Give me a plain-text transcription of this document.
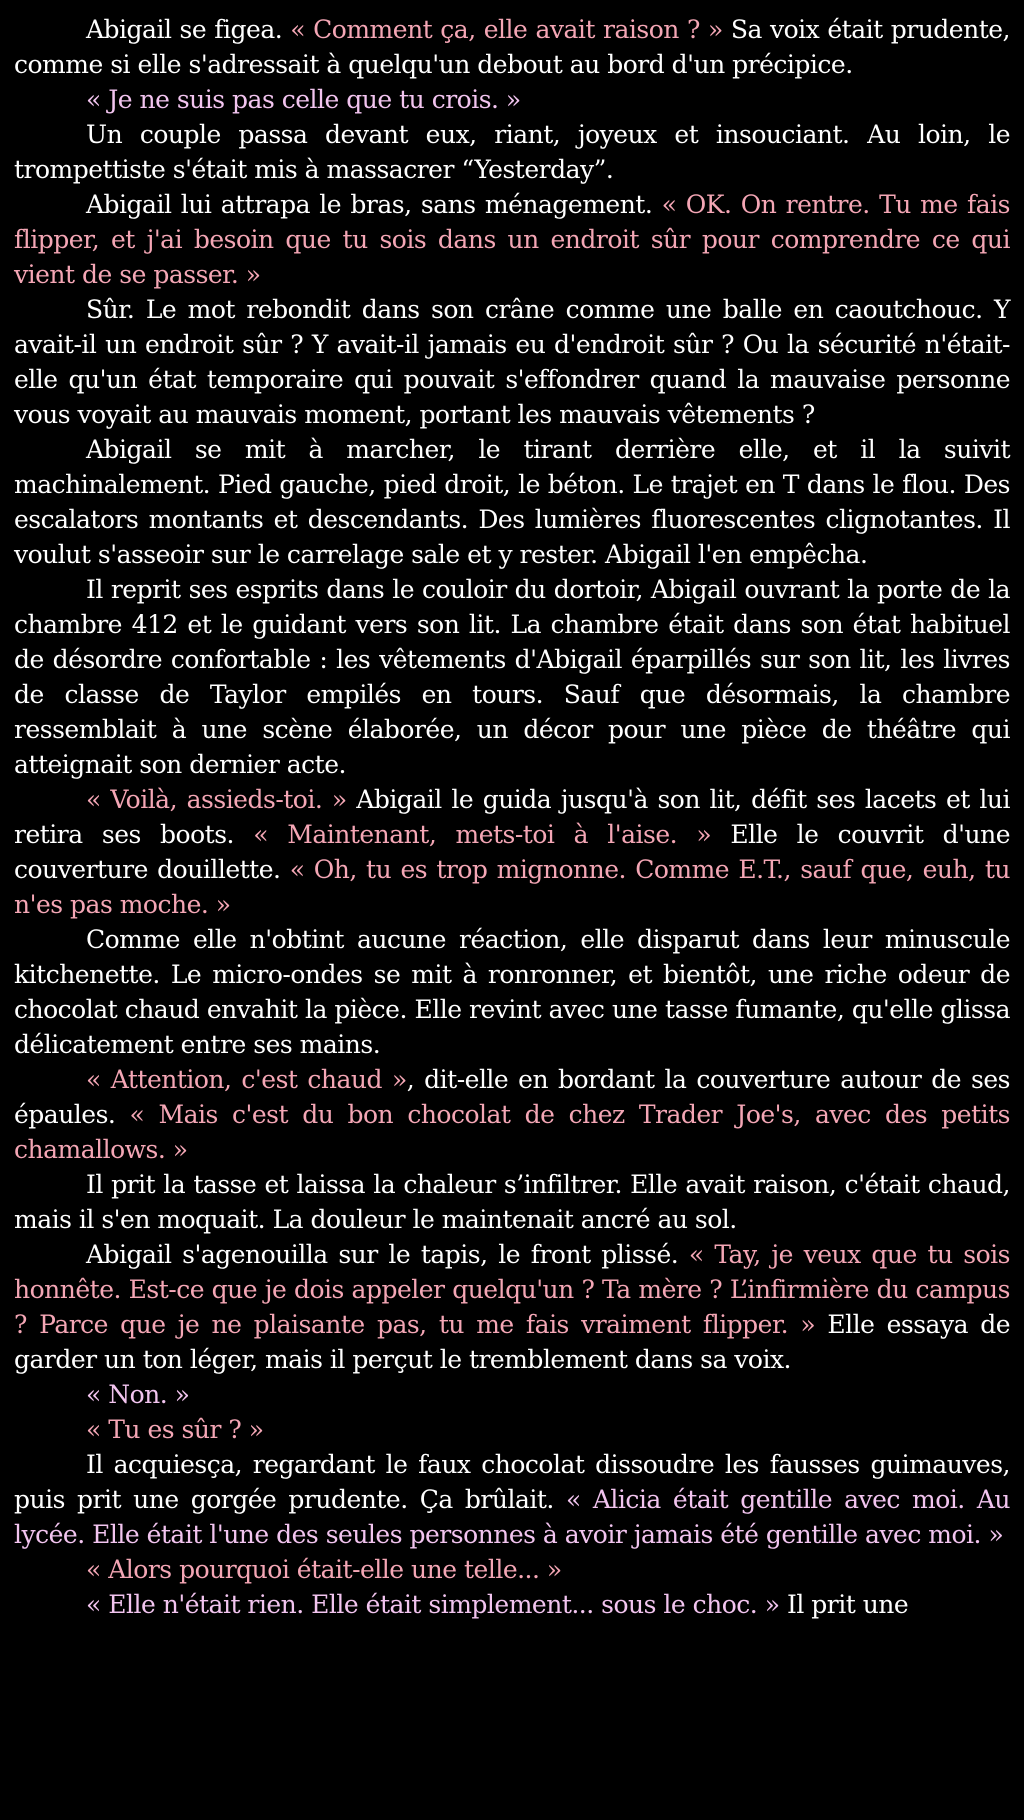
Abigail se figea. « Comment ça, elle avait raison ? » Sa voix était prudente, comme si elle s'adressait à quelqu'un debout au bord d'un précipice.

« Je ne suis pas celle que tu crois. »

Un couple passa devant eux, riant, joyeux et insouciant. Au loin, le trompettiste s'était mis à massacrer “Yesterday”.

Abigail lui attrapa le bras, sans ménagement. « OK. On rentre. Tu me fais flipper, et j'ai besoin que tu sois dans un endroit sûr pour comprendre ce qui vient de se passer. »

Sûr. Le mot rebondit dans son crâne comme une balle en caoutchouc. Y avait-il un endroit sûr ? Y avait-il jamais eu d'endroit sûr ? Ou la sécurité n'était-elle qu'un état temporaire qui pouvait s'effondrer quand la mauvaise personne vous voyait au mauvais moment, portant les mauvais vêtements ?

Abigail se mit à marcher, le tirant derrière elle, et il la suivit machinalement. Pied gauche, pied droit, le béton. Le trajet en T dans le flou. Des escalators montants et descendants. Des lumières fluorescentes clignotantes. Il voulut s'asseoir sur le carrelage sale et y rester. Abigail l'en empêcha.

Il reprit ses esprits dans le couloir du dortoir, Abigail ouvrant la porte de la chambre 412 et le guidant vers son lit. La chambre était dans son état habituel de désordre confortable : les vêtements d'Abigail éparpillés sur son lit, les livres de classe de Taylor empilés en tours. Sauf que désormais, la chambre ressemblait à une scène élaborée, un décor pour une pièce de théâtre qui atteignait son dernier acte.

« Voilà, assieds-toi. » Abigail le guida jusqu'à son lit, défit ses lacets et lui retira ses boots. « Maintenant, mets-toi à l'aise. » Elle le couvrit d'une couverture douillette. « Oh, tu es trop mignonne. Comme E.T., sauf que, euh, tu n'es pas moche. »

Comme elle n'obtint aucune réaction, elle disparut dans leur minuscule kitchenette. Le micro-ondes se mit à ronronner, et bientôt, une riche odeur de chocolat chaud envahit la pièce. Elle revint avec une tasse fumante, qu'elle glissa délicatement entre ses mains.

« Attention, c'est chaud », dit-elle en bordant la couverture autour de ses épaules. « Mais c'est du bon chocolat de chez Trader Joe's, avec des petits chamallows. »

Il prit la tasse et laissa la chaleur s’infiltrer. Elle avait raison, c'était chaud, mais il s'en moquait. La douleur le maintenait ancré au sol.

Abigail s'agenouilla sur le tapis, le front plissé. « Tay, je veux que tu sois honnête. Est-ce que je dois appeler quelqu'un ? Ta mère ? L’infirmière du campus ? Parce que je ne plaisante pas, tu me fais vraiment flipper. » Elle essaya de garder un ton léger, mais il perçut le tremblement dans sa voix.

« Non. »

« Tu es sûr ? »

Il acquiesça, regardant le faux chocolat dissoudre les fausses guimauves, puis prit une gorgée prudente. Ça brûlait. « Alicia était gentille avec moi. Au lycée. Elle était l'une des seules personnes à avoir jamais été gentille avec moi. »

« Alors pourquoi était-elle une telle... »

« Elle n'était rien. Elle était simplement... sous le choc. » Il prit une
